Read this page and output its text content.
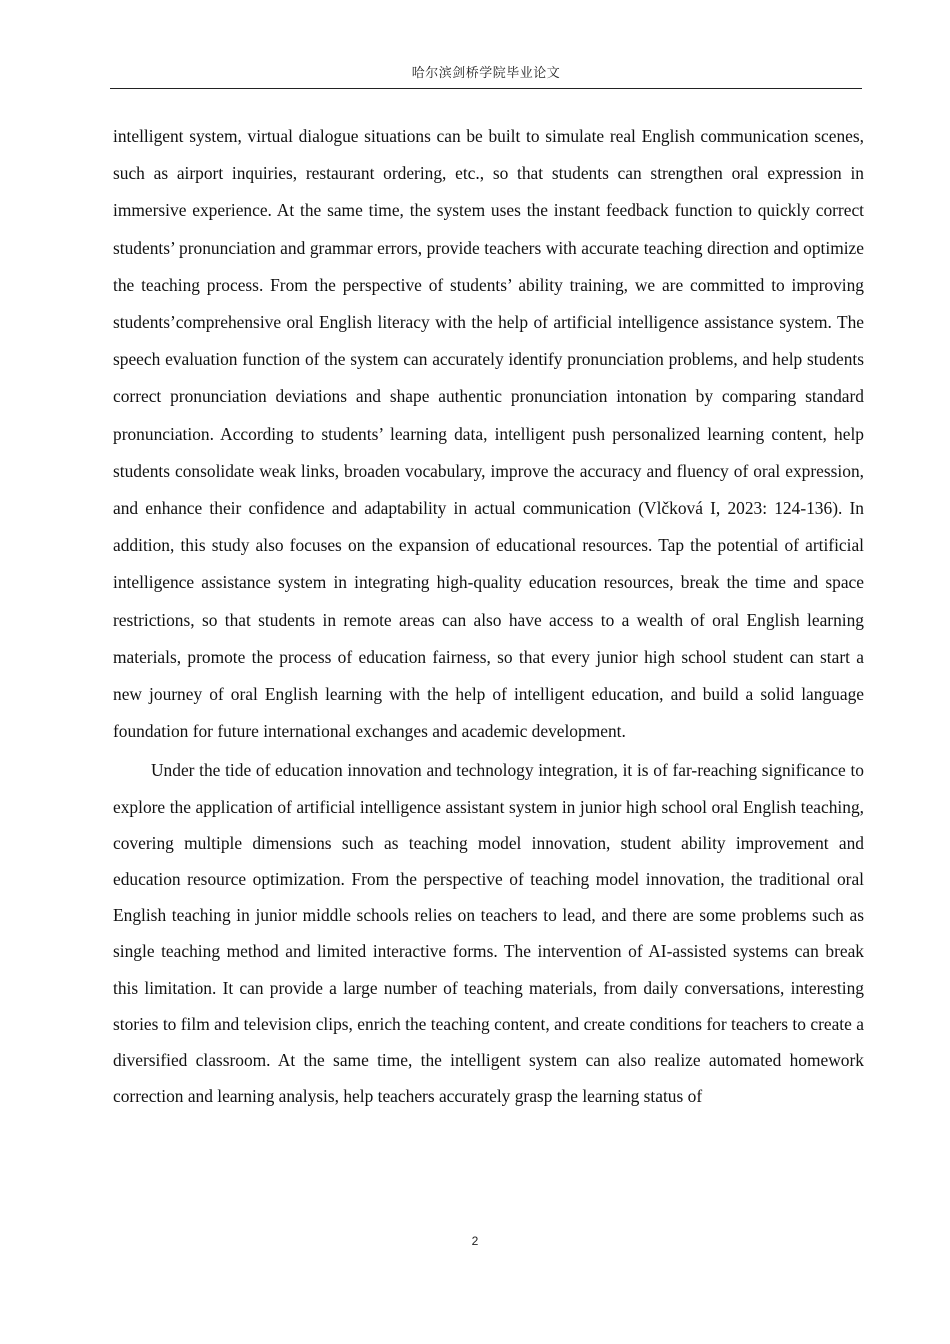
哈尔滨剑桥学院毕业论文

intelligent system, virtual dialogue situations can be built to simulate real English communication scenes, such as airport inquiries, restaurant ordering, etc., so that students can strengthen oral expression in immersive experience. At the same time, the system uses the instant feedback function to quickly correct students’ pronunciation and grammar errors, provide teachers with accurate teaching direction and optimize the teaching process. From the perspective of students’ ability training, we are committed to improving students’comprehensive oral English literacy with the help of artificial intelligence assistance system. The speech evaluation function of the system can accurately identify pronunciation problems, and help students correct pronunciation deviations and shape authentic pronunciation intonation by comparing standard pronunciation. According to students’ learning data, intelligent push personalized learning content, help students consolidate weak links, broaden vocabulary, improve the accuracy and fluency of oral expression, and enhance their confidence and adaptability in actual communication (Vlčková I, 2023: 124-136). In addition, this study also focuses on the expansion of educational resources. Tap the potential of artificial intelligence assistance system in integrating high-quality education resources, break the time and space restrictions, so that students in remote areas can also have access to a wealth of oral English learning materials, promote the process of education fairness, so that every junior high school student can start a new journey of oral English learning with the help of intelligent education, and build a solid language foundation for future international exchanges and academic development.

Under the tide of education innovation and technology integration, it is of far-reaching significance to explore the application of artificial intelligence assistant system in junior high school oral English teaching, covering multiple dimensions such as teaching model innovation, student ability improvement and education resource optimization. From the perspective of teaching model innovation, the traditional oral English teaching in junior middle schools relies on teachers to lead, and there are some problems such as single teaching method and limited interactive forms. The intervention of AI-assisted systems can break this limitation. It can provide a large number of teaching materials, from daily conversations, interesting stories to film and television clips, enrich the teaching content, and create conditions for teachers to create a diversified classroom. At the same time, the intelligent system can also realize automated homework correction and learning analysis, help teachers accurately grasp the learning status of

2
